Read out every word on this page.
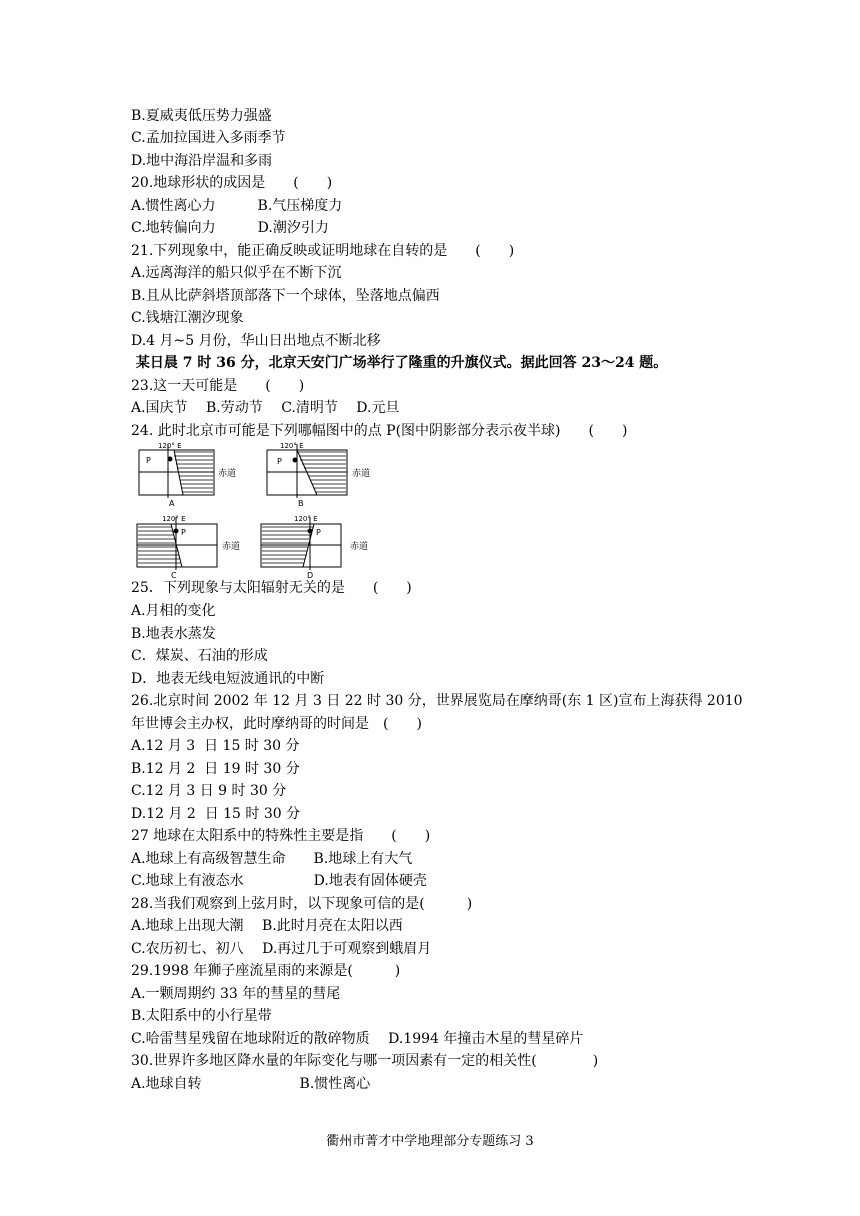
B.夏威夷低压势力强盛
C.孟加拉国进入多雨季节
D.地中海沿岸温和多雨
20.地球形状的成因是　　(　　)
A.惯性离心力　　　B.气压梯度力
C.地转偏向力　　　D.潮汐引力
21.下列现象中，能正确反映或证明地球在自转的是　　(　　)
A.远离海洋的船只似乎在不断下沉
B.且从比萨斜塔顶部落下一个球体，坠落地点偏西
C.钱塘江潮汐现象
D.4 月~5 月份，华山日出地点不断北移
某日晨 7 时 36 分，北京天安门广场举行了隆重的升旗仪式。据此回答 23～24 题。
23.这一天可能是　　(　　)
A.国庆节　 B.劳动节　 C.清明节　 D.元旦
24. 此时北京市可能是下列哪幅图中的点 P(图中阴影部分表示夜半球)　　(　　)
120° E
P
赤道
A
120° E
P
赤道
B
120° E
P
赤道
C
120° E
P
赤道
D
25．下列现象与太阳辐射无关的是　　(　　)
A.月相的变化
B.地表水蒸发
C．煤炭、石油的形成
D．地表无线电短波通讯的中断
26.北京时间 2002 年 12 月 3 日 22 时 30 分，世界展览局在摩纳哥(东 1 区)宣布上海获得 2010
年世博会主办权，此时摩纳哥的时间是　(　　)
A.12 月 3  日 15 时 30 分
B.12 月 2  日 19 时 30 分
C.12 月 3 日 9 时 30 分
D.12 月 2  日 15 时 30 分
27 地球在太阳系中的特殊性主要是指　　(　　)
A.地球上有高级智慧生命　　B.地球上有大气
C.地球上有液态水　　　　　D.地表有固体硬壳
28.当我们观察到上弦月时，以下现象可信的是(　　　)
A.地球上出现大潮　 B.此时月亮在太阳以西
C.农历初七、初八　 D.再过几于可观察到蛾眉月
29.1998 年狮子座流星雨的来源是(　　　)
A.一颗周期约 33 年的彗星的彗尾
B.太阳系中的小行星带
C.哈雷彗星残留在地球附近的散碎物质　 D.1994 年撞击木星的彗星碎片
30.世界许多地区降水量的年际变化与哪一项因素有一定的相关性(　　　　)
A.地球自转　　　　　　　B.惯性离心
衢州市菁才中学地理部分专题练习 3
